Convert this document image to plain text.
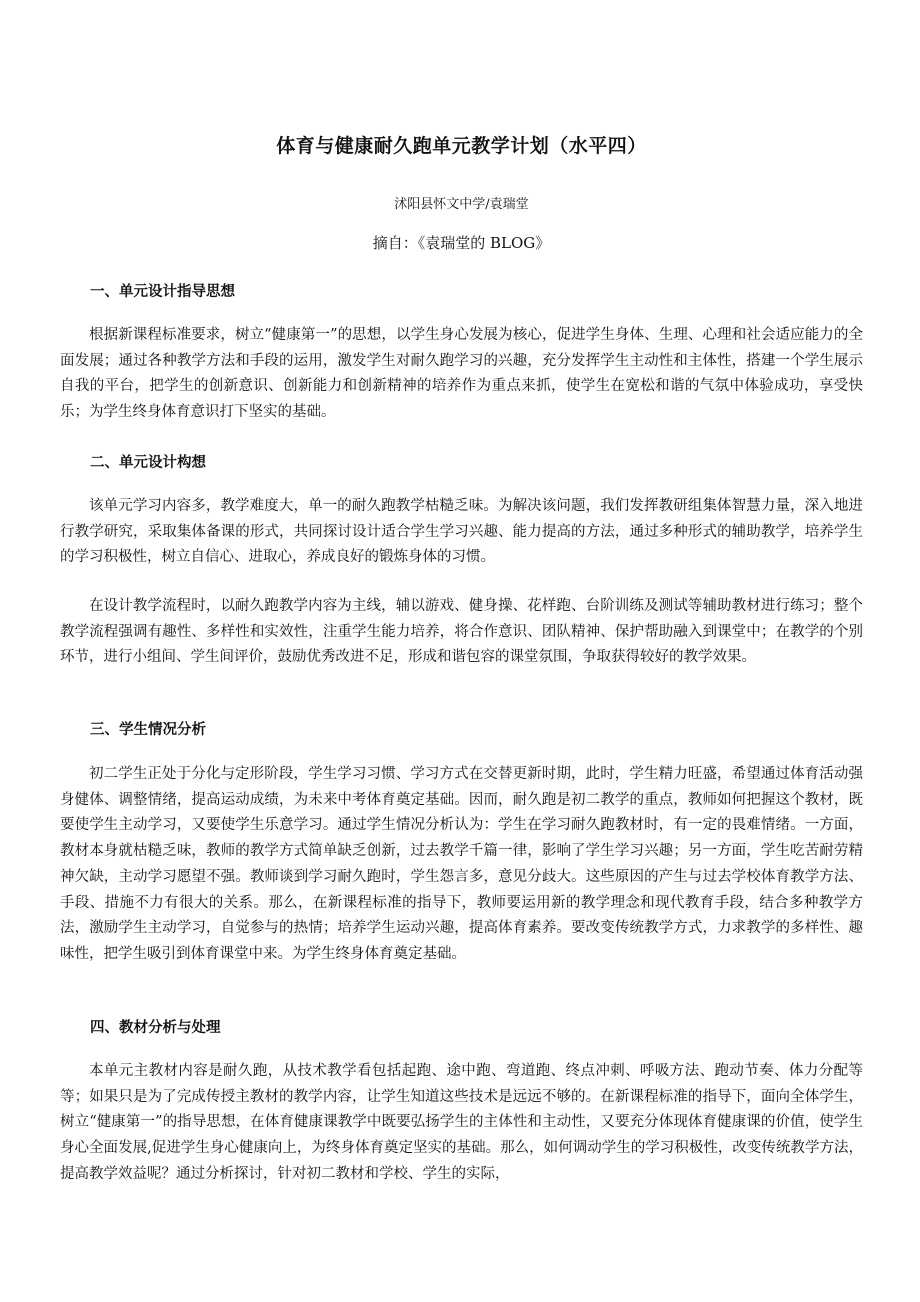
体育与健康耐久跑单元教学计划（水平四）

沭阳县怀文中学/袁瑞堂

摘自：《袁瑞堂的 BLOG》

一、单元设计指导思想

根据新课程标准要求，树立“健康第一”的思想，以学生身心发展为核心，促进学生身体、生理、心理和社会适应能力的全面发展；通过各种教学方法和手段的运用，激发学生对耐久跑学习的兴趣，充分发挥学生主动性和主体性，搭建一个学生展示自我的平台，把学生的创新意识、创新能力和创新精神的培养作为重点来抓，使学生在宽松和谐的气氛中体验成功，享受快乐；为学生终身体育意识打下坚实的基础。

二、单元设计构想

该单元学习内容多，教学难度大，单一的耐久跑教学枯糙乏味。为解决该问题，我们发挥教研组集体智慧力量，深入地进行教学研究，采取集体备课的形式，共同探讨设计适合学生学习兴趣、能力提高的方法，通过多种形式的辅助教学，培养学生的学习积极性，树立自信心、进取心，养成良好的锻炼身体的习惯。

在设计教学流程时，以耐久跑教学内容为主线，辅以游戏、健身操、花样跑、台阶训练及测试等辅助教材进行练习；整个教学流程强调有趣性、多样性和实效性，注重学生能力培养，将合作意识、团队精神、保护帮助融入到课堂中；在教学的个别环节，进行小组间、学生间评价，鼓励优秀改进不足，形成和谐包容的课堂氛围，争取获得较好的教学效果。

三、学生情况分析

初二学生正处于分化与定形阶段，学生学习习惯、学习方式在交替更新时期，此时，学生精力旺盛，希望通过体育活动强身健体、调整情绪，提高运动成绩，为未来中考体育奠定基础。因而，耐久跑是初二教学的重点，教师如何把握这个教材，既要使学生主动学习，又要使学生乐意学习。通过学生情况分析认为：学生在学习耐久跑教材时，有一定的畏难情绪。一方面，教材本身就枯糙乏味，教师的教学方式简单缺乏创新，过去教学千篇一律，影响了学生学习兴趣；另一方面，学生吃苦耐劳精神欠缺，主动学习愿望不强。教师谈到学习耐久跑时，学生怨言多，意见分歧大。这些原因的产生与过去学校体育教学方法、手段、措施不力有很大的关系。那么，在新课程标准的指导下，教师要运用新的教学理念和现代教育手段，结合多种教学方法，激励学生主动学习，自觉参与的热情；培养学生运动兴趣，提高体育素养。要改变传统教学方式，力求教学的多样性、趣味性，把学生吸引到体育课堂中来。为学生终身体育奠定基础。

四、教材分析与处理

本单元主教材内容是耐久跑，从技术教学看包括起跑、途中跑、弯道跑、终点冲刺、呼吸方法、跑动节奏、体力分配等等；如果只是为了完成传授主教材的教学内容，让学生知道这些技术是远远不够的。在新课程标准的指导下，面向全体学生，树立“健康第一”的指导思想，在体育健康课教学中既要弘扬学生的主体性和主动性，又要充分体现体育健康课的价值，使学生身心全面发展,促进学生身心健康向上，为终身体育奠定坚实的基础。那么，如何调动学生的学习积极性，改变传统教学方法，提高教学效益呢？通过分析探讨，针对初二教材和学校、学生的实际，
